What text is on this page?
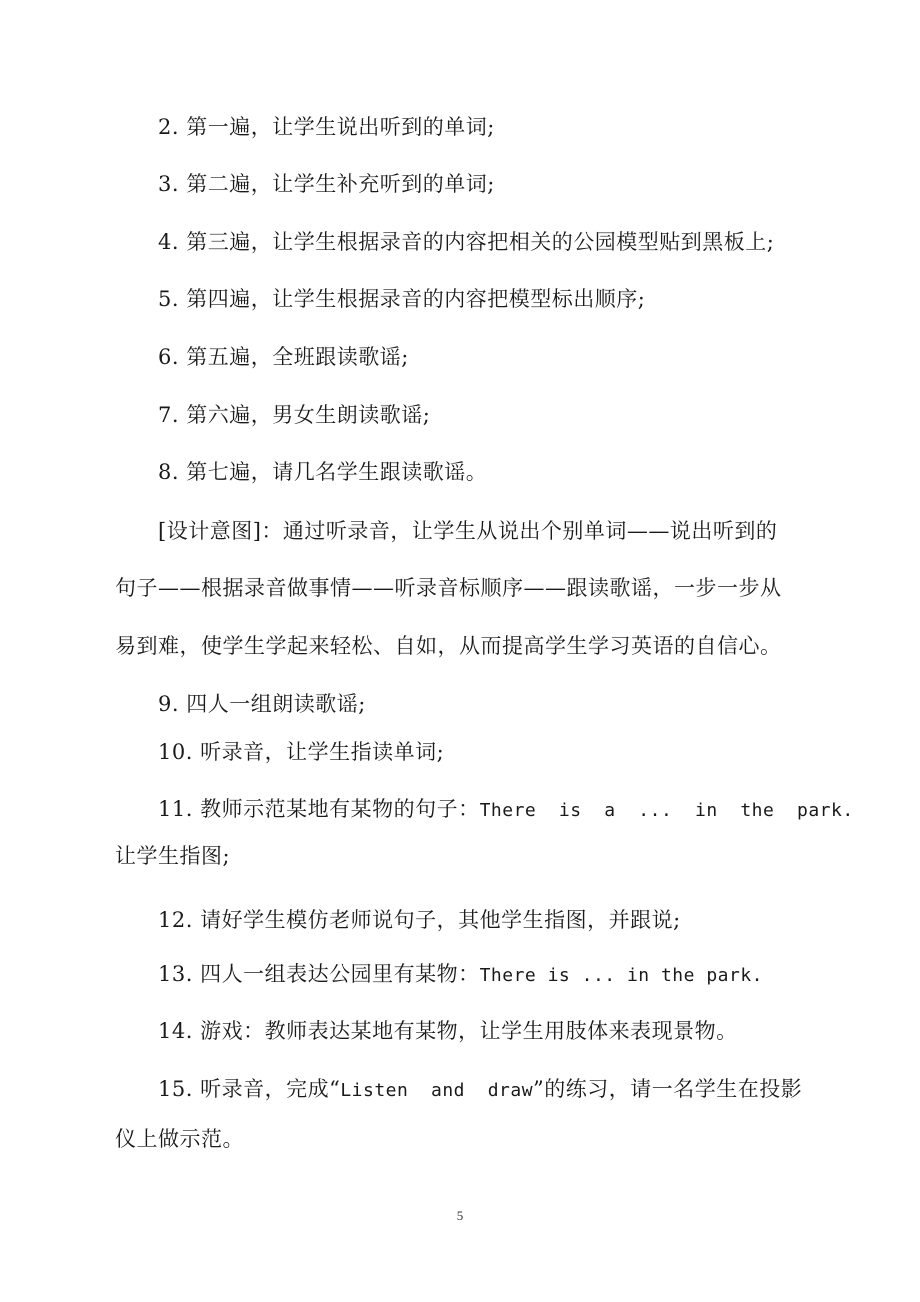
2. 第一遍，让学生说出听到的单词;
3. 第二遍，让学生补充听到的单词;
4. 第三遍，让学生根据录音的内容把相关的公园模型贴到黑板上;
5. 第四遍，让学生根据录音的内容把模型标出顺序;
6. 第五遍，全班跟读歌谣;
7. 第六遍，男女生朗读歌谣;
8. 第七遍，请几名学生跟读歌谣。
[设计意图]：通过听录音，让学生从说出个别单词——说出听到的
句子——根据录音做事情——听录音标顺序——跟读歌谣，一步一步从
易到难，使学生学起来轻松、自如，从而提高学生学习英语的自信心。
9. 四人一组朗读歌谣;
10. 听录音，让学生指读单词;
11. 教师示范某地有某物的句子：There  is  a  ...  in  the  park.
让学生指图;
12. 请好学生模仿老师说句子，其他学生指图，并跟说;
13. 四人一组表达公园里有某物：There is ... in the park.
14. 游戏：教师表达某地有某物，让学生用肢体来表现景物。
15. 听录音，完成“Listen  and  draw”的练习，请一名学生在投影
仪上做示范。
5
